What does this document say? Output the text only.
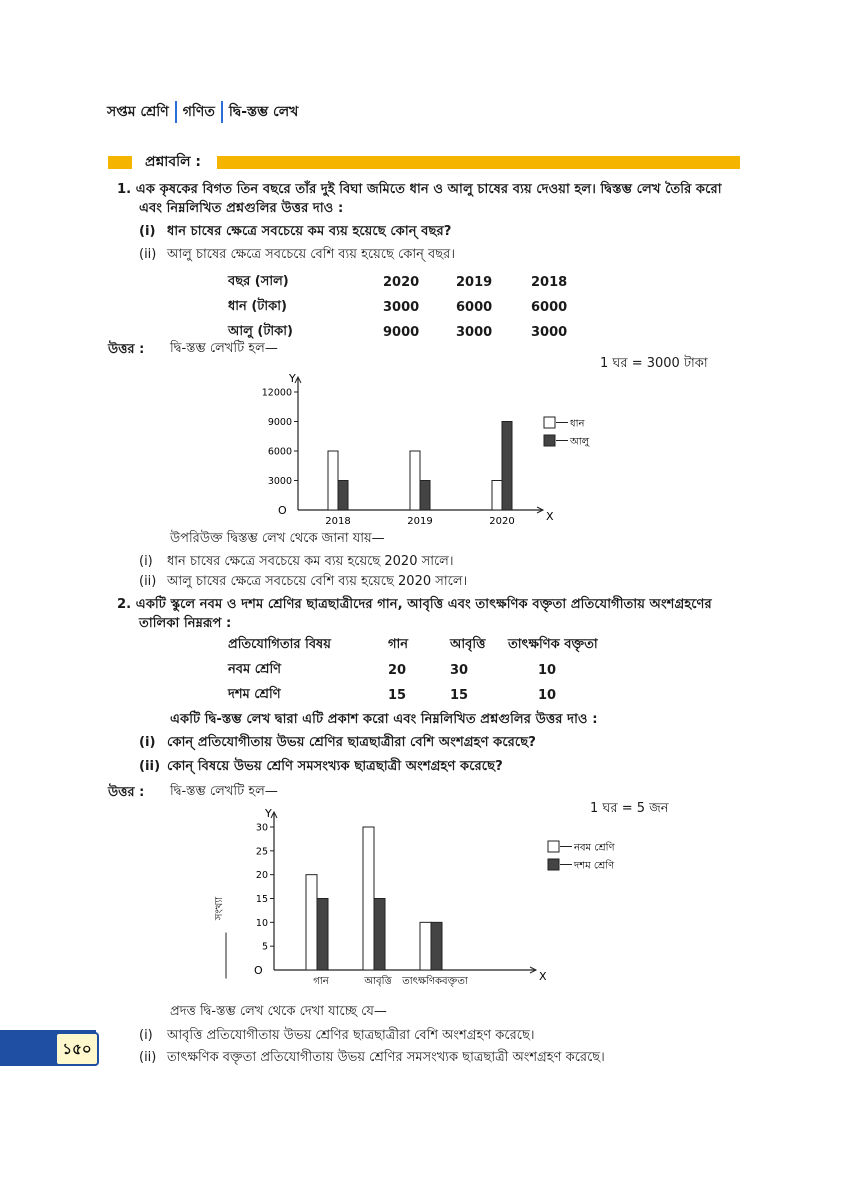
সপ্তম শ্রেণি গণিত দ্বি-স্তম্ভ লেখ
প্রশ্নাবলি :
1. এক কৃষকের বিগত তিন বছরে তাঁর দুই বিঘা জমিতে ধান ও আলু চাষের ব্যয় দেওয়া হল। দ্বিস্তম্ভ লেখ তৈরি করো
এবং নিম্নলিখিত প্রশ্নগুলির উত্তর দাও :
(i) ধান চাষের ক্ষেত্রে সবচেয়ে কম ব্যয় হয়েছে কোন্ বছর?
(ii) আলু চাষের ক্ষেত্রে সবচেয়ে বেশি ব্যয় হয়েছে কোন্ বছর।
বছর (সাল)	2020	2019	2018
ধান (টাকা)	3000	6000	6000
আলু (টাকা)	9000	3000	3000
উত্তর : দ্বি-স্তম্ভ লেখটি হল—
1 ঘর = 3000 টাকা
Y
X
O
3000
6000
9000
12000
2018	2019	2020
ধান
আলু
উপরিউক্ত দ্বিস্তম্ভ লেখ থেকে জানা যায়—
(i) ধান চাষের ক্ষেত্রে সবচেয়ে কম ব্যয় হয়েছে 2020 সালে।
(ii) আলু চাষের ক্ষেত্রে সবচেয়ে বেশি ব্যয় হয়েছে 2020 সালে।
2. একটি স্কুলে নবম ও দশম শ্রেণির ছাত্রছাত্রীদের গান, আবৃত্তি এবং তাৎক্ষণিক বক্তৃতা প্রতিযোগীতায় অংশগ্রহণের
তালিকা নিম্নরূপ :
প্রতিযোগিতার বিষয়	গান	আবৃত্তি	তাৎক্ষণিক বক্তৃতা
নবম শ্রেণি	20	30	10
দশম শ্রেণি	15	15	10
একটি দ্বি-স্তম্ভ লেখ দ্বারা এটি প্রকাশ করো এবং নিম্নলিখিত প্রশ্নগুলির উত্তর দাও :
(i) কোন্ প্রতিযোগীতায় উভয় শ্রেণির ছাত্রছাত্রীরা বেশি অংশগ্রহণ করেছে?
(ii) কোন্ বিষয়ে উভয় শ্রেণি সমসংখ্যক ছাত্রছাত্রী অংশগ্রহণ করেছে?
উত্তর : দ্বি-স্তম্ভ লেখটি হল—
1 ঘর = 5 জন
Y
X
O
5
10
15
20
25
30
গান	আবৃত্তি তাৎক্ষণিকবক্তৃতা
নবম শ্রেণি
দশম শ্রেণি
সংখ্যা
প্রদত্ত দ্বি-স্তম্ভ লেখ থেকে দেখা যাচ্ছে যে—
(i) আবৃত্তি প্রতিযোগীতায় উভয় শ্রেণির ছাত্রছাত্রীরা বেশি অংশগ্রহণ করেছে।
(ii) তাৎক্ষণিক বক্তৃতা প্রতিযোগীতায় উভয় শ্রেণির সমসংখ্যক ছাত্রছাত্রী অংশগ্রহণ করেছে।
১৫০
